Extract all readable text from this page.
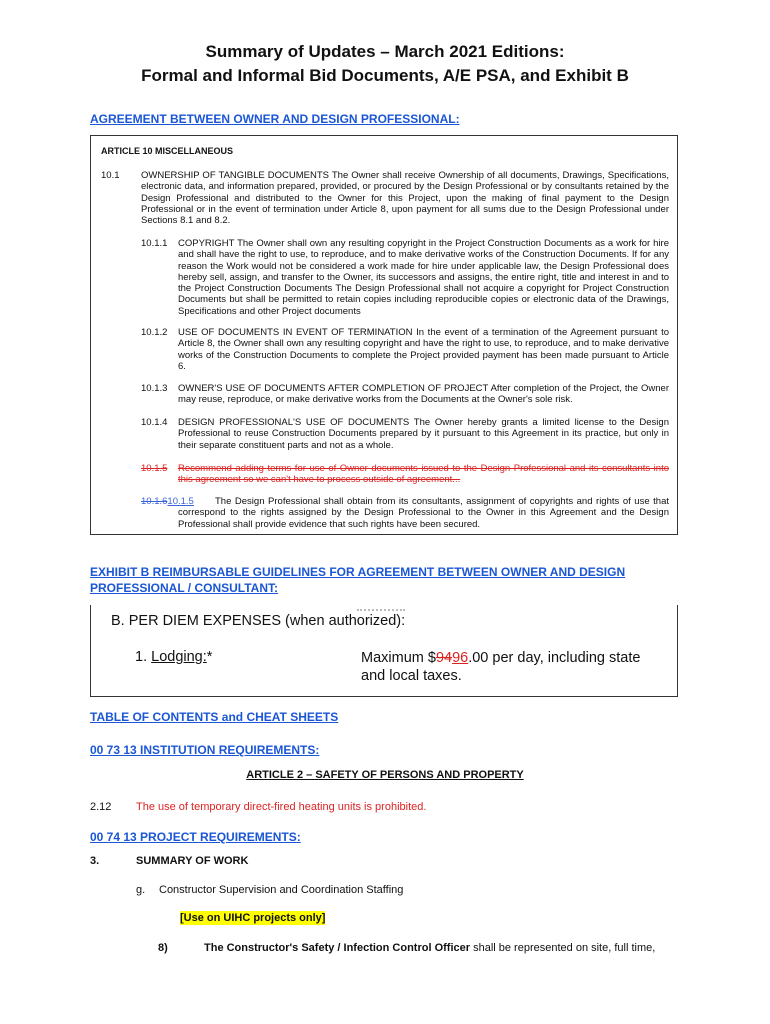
Summary of Updates – March 2021 Editions:
Formal and Informal Bid Documents, A/E PSA, and Exhibit B
AGREEMENT BETWEEN OWNER AND DESIGN PROFESSIONAL:
ARTICLE 10 MISCELLANEOUS
10.1 OWNERSHIP OF TANGIBLE DOCUMENTS The Owner shall receive Ownership of all documents, Drawings, Specifications, electronic data, and information prepared, provided, or procured by the Design Professional or by consultants retained by the Design Professional and distributed to the Owner for this Project, upon the making of final payment to the Design Professional or in the event of termination under Article 8, upon payment for all sums due to the Design Professional under Sections 8.1 and 8.2.
10.1.1 COPYRIGHT The Owner shall own any resulting copyright in the Project Construction Documents as a work for hire and shall have the right to use, to reproduce, and to make derivative works of the Construction Documents. If for any reason the Work would not be considered a work made for hire under applicable law, the Design Professional does hereby sell, assign, and transfer to the Owner, its successors and assigns, the entire right, title and interest in and to the Project Construction Documents The Design Professional shall not acquire a copyright for Project Construction Documents but shall be permitted to retain copies including reproducible copies or electronic data of the Drawings, Specifications and other Project documents
10.1.2 USE OF DOCUMENTS IN EVENT OF TERMINATION In the event of a termination of the Agreement pursuant to Article 8, the Owner shall own any resulting copyright and have the right to use, to reproduce, and to make derivative works of the Construction Documents to complete the Project provided payment has been made pursuant to Article 6.
10.1.3 OWNER'S USE OF DOCUMENTS AFTER COMPLETION OF PROJECT After completion of the Project, the Owner may reuse, reproduce, or make derivative works from the Documents at the Owner's sole risk.
10.1.4 DESIGN PROFESSIONAL'S USE OF DOCUMENTS The Owner hereby grants a limited license to the Design Professional to reuse Construction Documents prepared by it pursuant to this Agreement in its practice, but only in their separate constituent parts and not as a whole.
10.1.5 Recommend adding terms for use of Owner documents issued to the Design Professional and its consultants into this agreement so we can't have to process outside of agreement...
10.1.610.1.5	The Design Professional shall obtain from its consultants, assignment of copyrights and rights of use that correspond to the rights assigned by the Design Professional to the Owner in this Agreement and the Design Professional shall provide evidence that such rights have been secured.
EXHIBIT B REIMBURSABLE GUIDELINES FOR AGREEMENT BETWEEN OWNER AND DESIGN
PROFESSIONAL / CONSULTANT:
B. PER DIEM EXPENSES (when authorized):
1. Lodging:*	Maximum $9496.00 per day, including state and local taxes.
TABLE OF CONTENTS and CHEAT SHEETS
00 73 13 INSTITUTION REQUIREMENTS:
ARTICLE 2 – SAFETY OF PERSONS AND PROPERTY
2.12 The use of temporary direct-fired heating units is prohibited.
00 74 13 PROJECT REQUIREMENTS:
3.	SUMMARY OF WORK
g. Constructor Supervision and Coordination Staffing
[Use on UIHC projects only]
8)	The Constructor's Safety / Infection Control Officer shall be represented on site, full time,
